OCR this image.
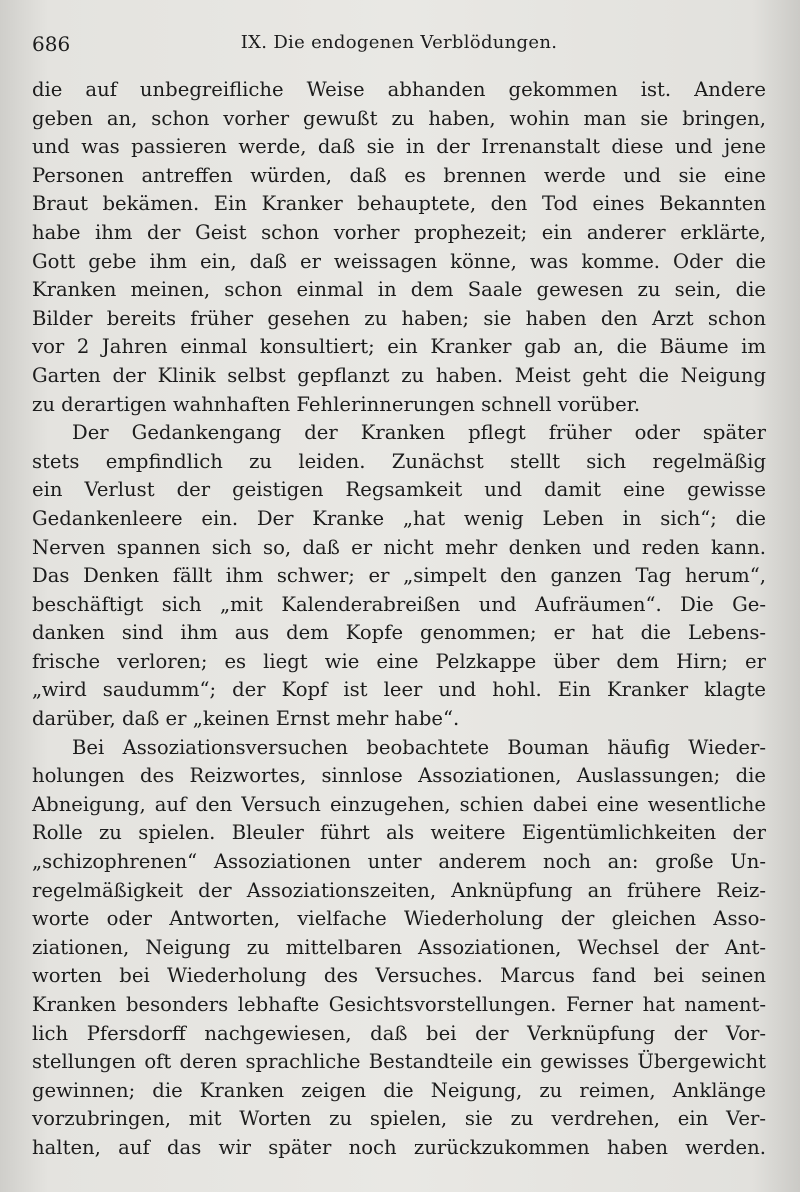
686	IX. Die endogenen Verblödungen.
die auf unbegreifliche Weise abhanden gekommen ist. Andere
geben an, schon vorher gewußt zu haben, wohin man sie bringen,
und was passieren werde, daß sie in der Irrenanstalt diese und jene
Personen antreffen würden, daß es brennen werde und sie eine
Braut bekämen. Ein Kranker behauptete, den Tod eines Bekannten
habe ihm der Geist schon vorher prophezeit; ein anderer erklärte,
Gott gebe ihm ein, daß er weissagen könne, was komme. Oder die
Kranken meinen, schon einmal in dem Saale gewesen zu sein, die
Bilder bereits früher gesehen zu haben; sie haben den Arzt schon
vor 2 Jahren einmal konsultiert; ein Kranker gab an, die Bäume im
Garten der Klinik selbst gepflanzt zu haben. Meist geht die Neigung
zu derartigen wahnhaften Fehlerinnerungen schnell vorüber.
Der Gedankengang der Kranken pflegt früher oder später
stets empfindlich zu leiden. Zunächst stellt sich regelmäßig
ein Verlust der geistigen Regsamkeit und damit eine gewisse
Gedankenleere ein. Der Kranke „hat wenig Leben in sich“; die
Nerven spannen sich so, daß er nicht mehr denken und reden kann.
Das Denken fällt ihm schwer; er „simpelt den ganzen Tag herum“,
beschäftigt sich „mit Kalenderabreißen und Aufräumen“. Die Ge-
danken sind ihm aus dem Kopfe genommen; er hat die Lebens-
frische verloren; es liegt wie eine Pelzkappe über dem Hirn; er
„wird saudumm“; der Kopf ist leer und hohl. Ein Kranker klagte
darüber, daß er „keinen Ernst mehr habe“.
Bei Assoziationsversuchen beobachtete Bouman häufig Wieder-
holungen des Reizwortes, sinnlose Assoziationen, Auslassungen; die
Abneigung, auf den Versuch einzugehen, schien dabei eine wesentliche
Rolle zu spielen. Bleuler führt als weitere Eigentümlichkeiten der
„schizophrenen“ Assoziationen unter anderem noch an: große Un-
regelmäßigkeit der Assoziationszeiten, Anknüpfung an frühere Reiz-
worte oder Antworten, vielfache Wiederholung der gleichen Asso-
ziationen, Neigung zu mittelbaren Assoziationen, Wechsel der Ant-
worten bei Wiederholung des Versuches. Marcus fand bei seinen
Kranken besonders lebhafte Gesichtsvorstellungen. Ferner hat nament-
lich Pfersdorff nachgewiesen, daß bei der Verknüpfung der Vor-
stellungen oft deren sprachliche Bestandteile ein gewisses Übergewicht
gewinnen; die Kranken zeigen die Neigung, zu reimen, Anklänge
vorzubringen, mit Worten zu spielen, sie zu verdrehen, ein Ver-
halten, auf das wir später noch zurückzukommen haben werden.
